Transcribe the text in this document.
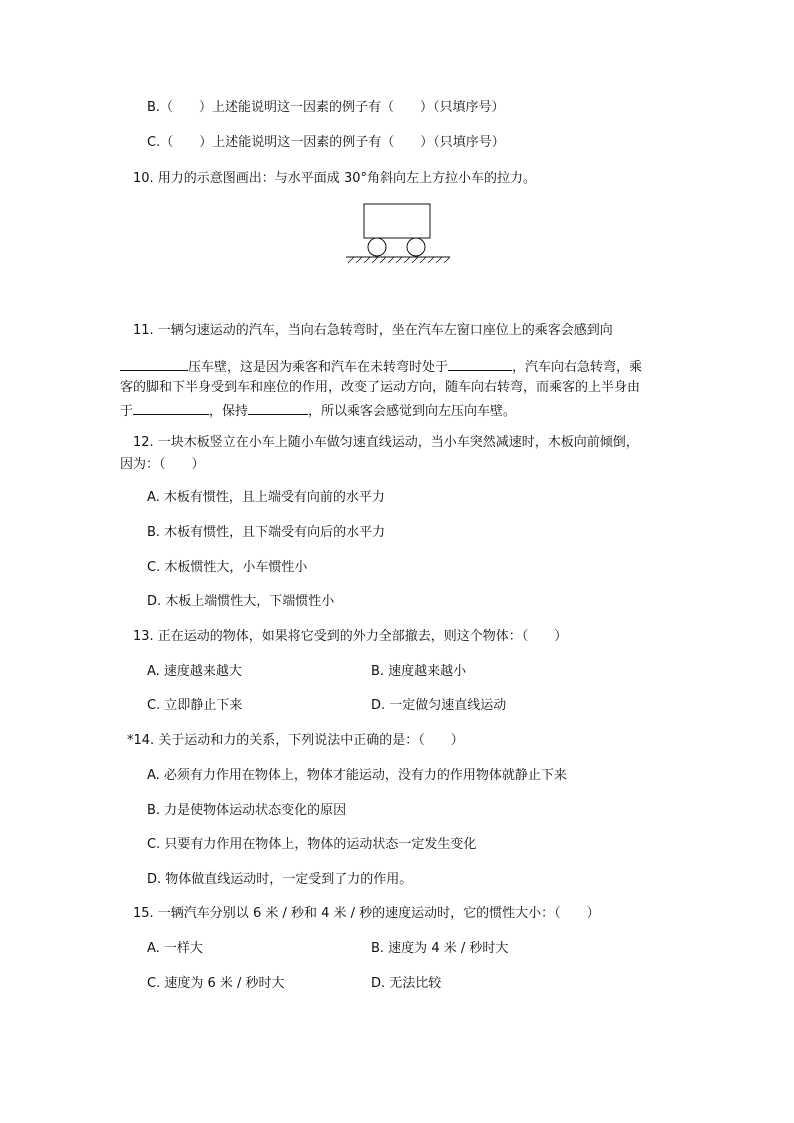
B.（　　）上述能说明这一因素的例子有（　　）（只填序号）
C.（　　）上述能说明这一因素的例子有（　　）（只填序号）
10. 用力的示意图画出：与水平面成 30°角斜向左上方拉小车的拉力。
11. 一辆匀速运动的汽车，当向右急转弯时，坐在汽车左窗口座位上的乘客会感到向
压车壁，这是因为乘客和汽车在未转弯时处于	，汽车向右急转弯，乘
客的脚和下半身受到车和座位的作用，改变了运动方向，随车向右转弯，而乘客的上半身由
于	，保持	，所以乘客会感觉到向左压向车壁。
12. 一块木板竖立在小车上随小车做匀速直线运动，当小车突然减速时，木板向前倾倒，
因为：（　　）
A. 木板有惯性，且上端受有向前的水平力
B. 木板有惯性，且下端受有向后的水平力
C. 木板惯性大，小车惯性小
D. 木板上端惯性大，下端惯性小
13. 正在运动的物体，如果将它受到的外力全部撤去，则这个物体：（　　）
A. 速度越来越大	B. 速度越来越小
C. 立即静止下来	D. 一定做匀速直线运动
*14. 关于运动和力的关系，下列说法中正确的是：（　　）
A. 必须有力作用在物体上，物体才能运动，没有力的作用物体就静止下来
B. 力是使物体运动状态变化的原因
C. 只要有力作用在物体上，物体的运动状态一定发生变化
D. 物体做直线运动时，一定受到了力的作用。
15. 一辆汽车分别以 6 米 / 秒和 4 米 / 秒的速度运动时，它的惯性大小：（　　）
A. 一样大	B. 速度为 4 米 / 秒时大
C. 速度为 6 米 / 秒时大	D. 无法比较
